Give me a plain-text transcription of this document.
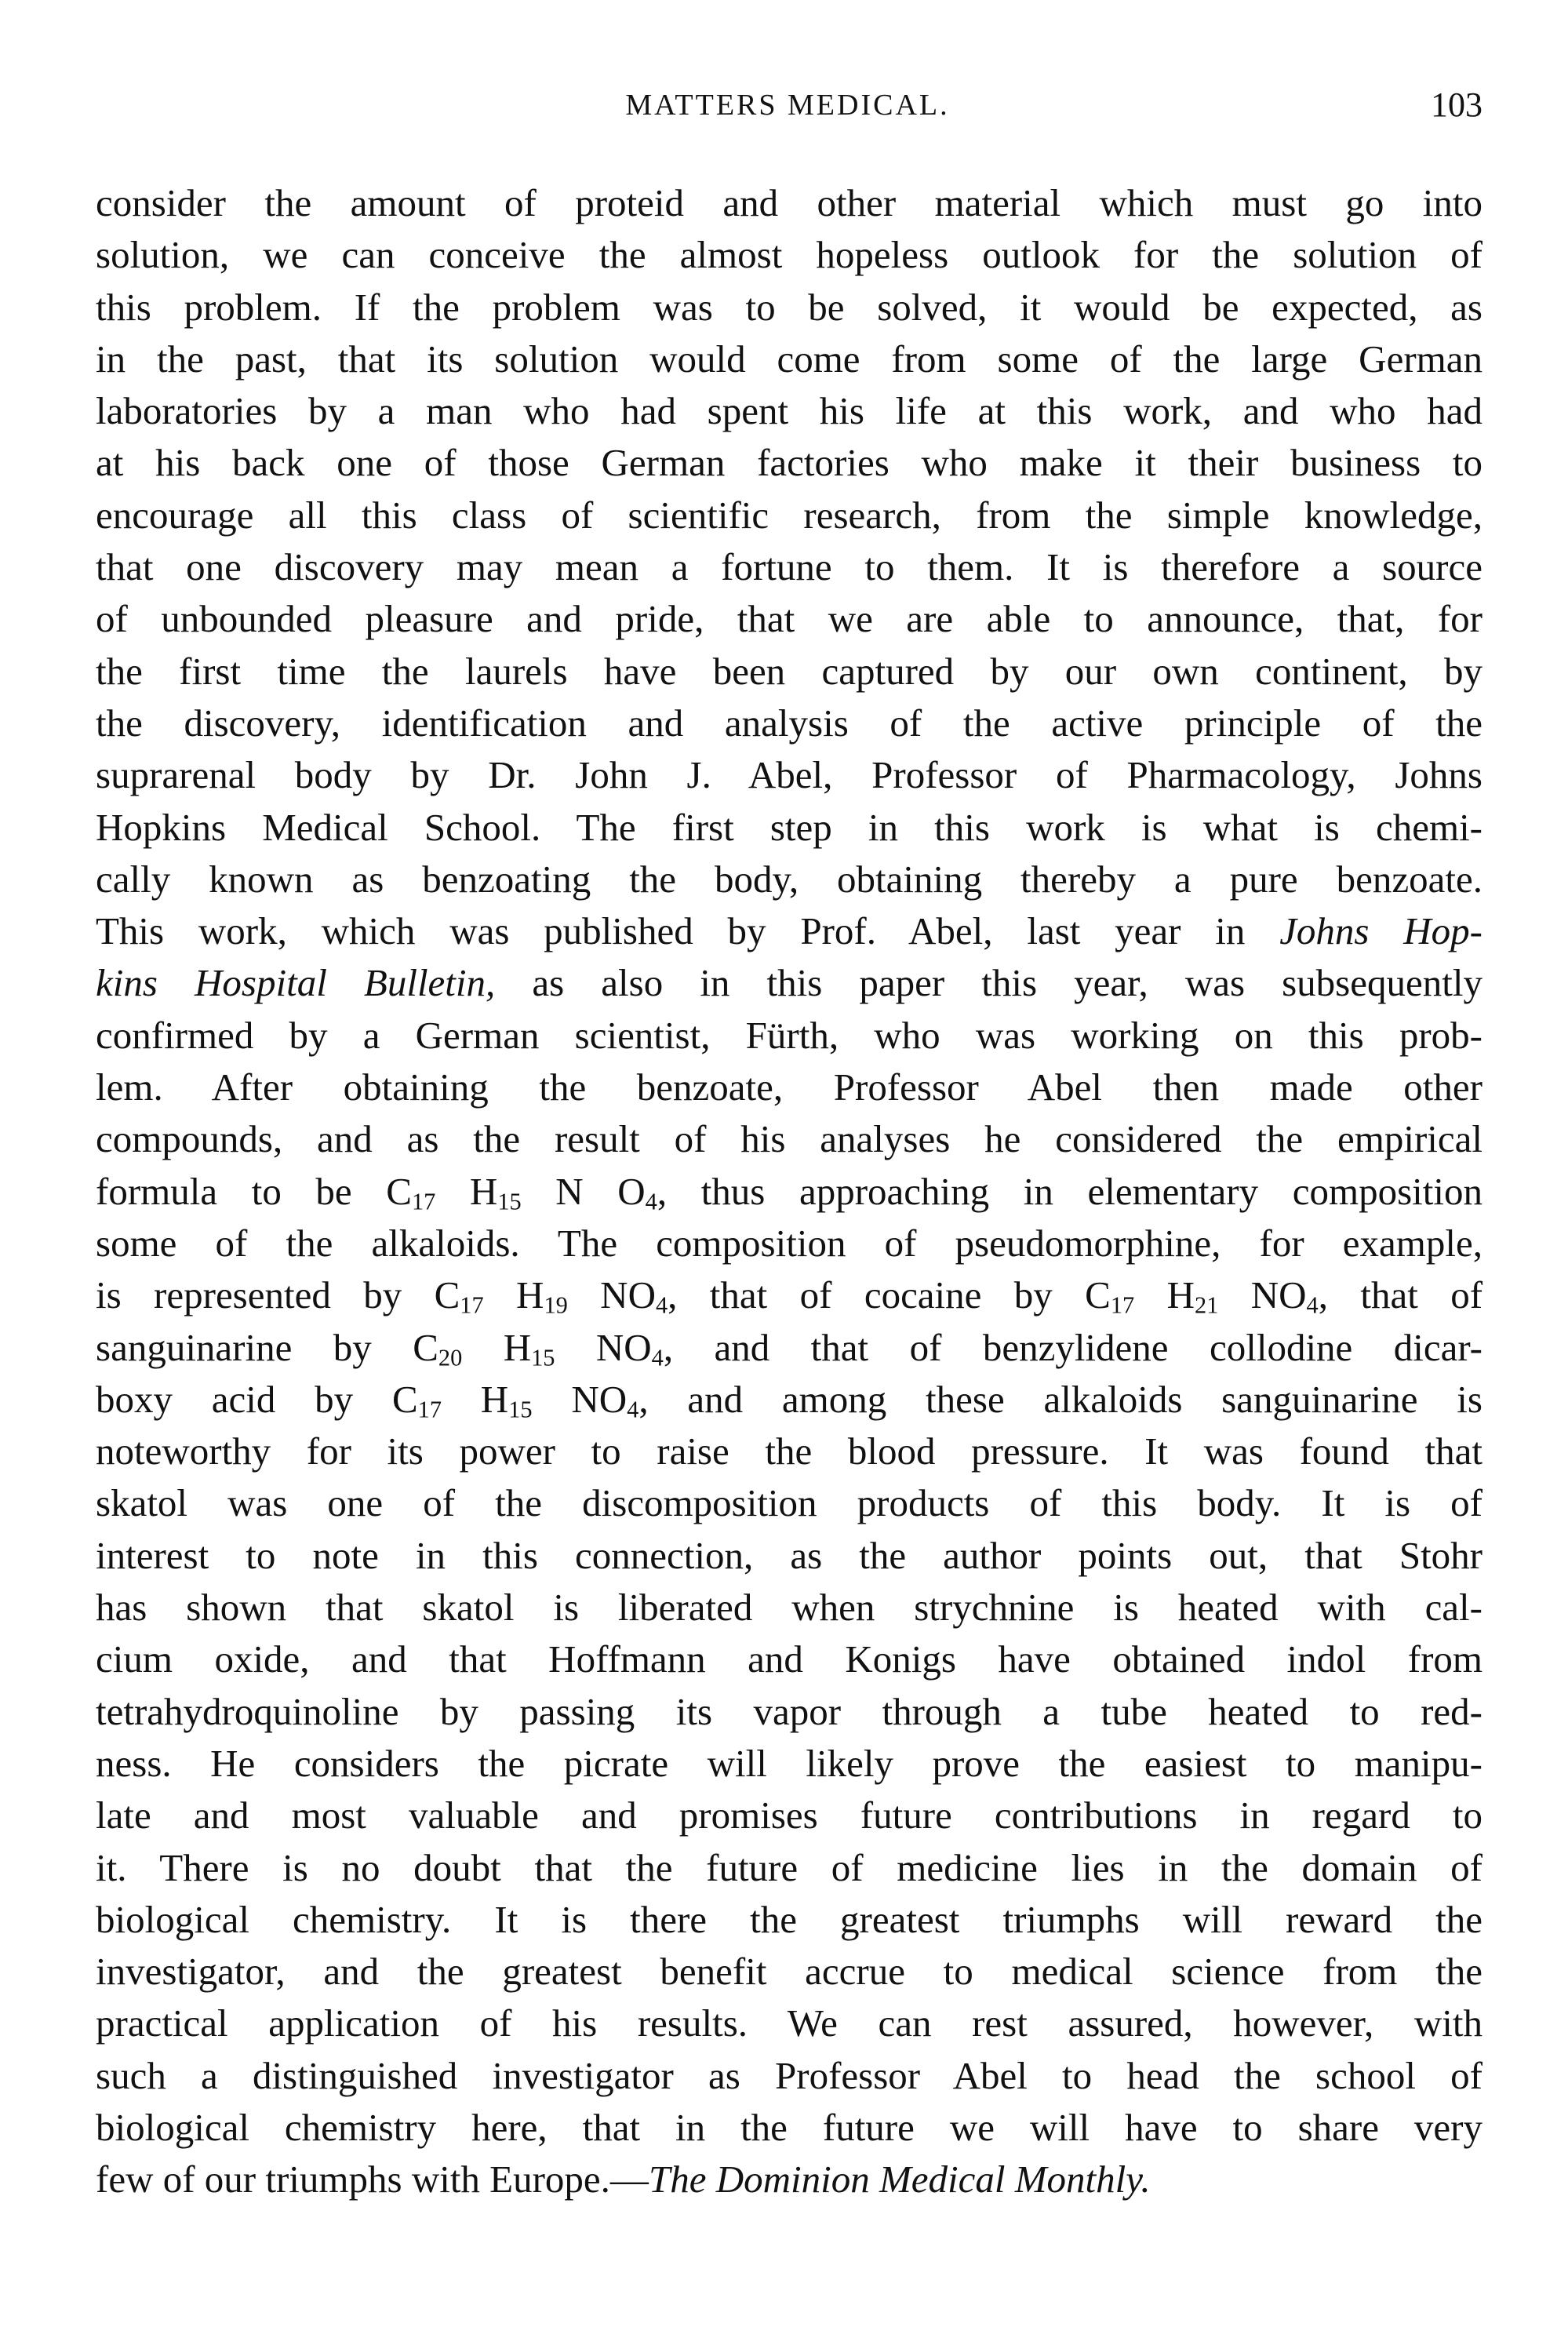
MATTERS MEDICAL.	103
consider the amount of proteid and other material which must go into
solution, we can conceive the almost hopeless outlook for the solution of
this problem. If the problem was to be solved, it would be expected, as
in the past, that its solution would come from some of the large German
laboratories by a man who had spent his life at this work, and who had
at his back one of those German factories who make it their business to
encourage all this class of scientific research, from the simple knowledge,
that one discovery may mean a fortune to them. It is therefore a source
of unbounded pleasure and pride, that we are able to announce, that, for
the first time the laurels have been captured by our own continent, by
the discovery, identification and analysis of the active principle of the
suprarenal body by Dr. John J. Abel, Professor of Pharmacology, Johns
Hopkins Medical School. The first step in this work is what is chemi-
cally known as benzoating the body, obtaining thereby a pure benzoate.
This work, which was published by Prof. Abel, last year in Johns Hop-
kins Hospital Bulletin, as also in this paper this year, was subsequently
confirmed by a German scientist, Fürth, who was working on this prob-
lem. After obtaining the benzoate, Professor Abel then made other
compounds, and as the result of his analyses he considered the empirical
formula to be $C_{17}$ $H_{15}$ N $O_4$, thus approaching in elementary composition
some of the alkaloids. The composition of pseudomorphine, for example,
is represented by $C_{17}$ $H_{19}$ $NO_4$, that of cocaine by $C_{17}$ $H_{21}$ $NO_4$, that of
sanguinarine by $C_{20}$ $H_{15}$ $NO_4$, and that of benzylidene collodine dicar-
boxy acid by $C_{17}$ $H_{15}$ $NO_4$, and among these alkaloids sanguinarine is
noteworthy for its power to raise the blood pressure. It was found that
skatol was one of the discomposition products of this body. It is of
interest to note in this connection, as the author points out, that Stohr
has shown that skatol is liberated when strychnine is heated with cal-
cium oxide, and that Hoffmann and Konigs have obtained indol from
tetrahydroquinoline by passing its vapor through a tube heated to red-
ness. He considers the picrate will likely prove the easiest to manipu-
late and most valuable and promises future contributions in regard to
it. There is no doubt that the future of medicine lies in the domain of
biological chemistry. It is there the greatest triumphs will reward the
investigator, and the greatest benefit accrue to medical science from the
practical application of his results. We can rest assured, however, with
such a distinguished investigator as Professor Abel to head the school of
biological chemistry here, that in the future we will have to share very
few of our triumphs with Europe.—The Dominion Medical Monthly.
